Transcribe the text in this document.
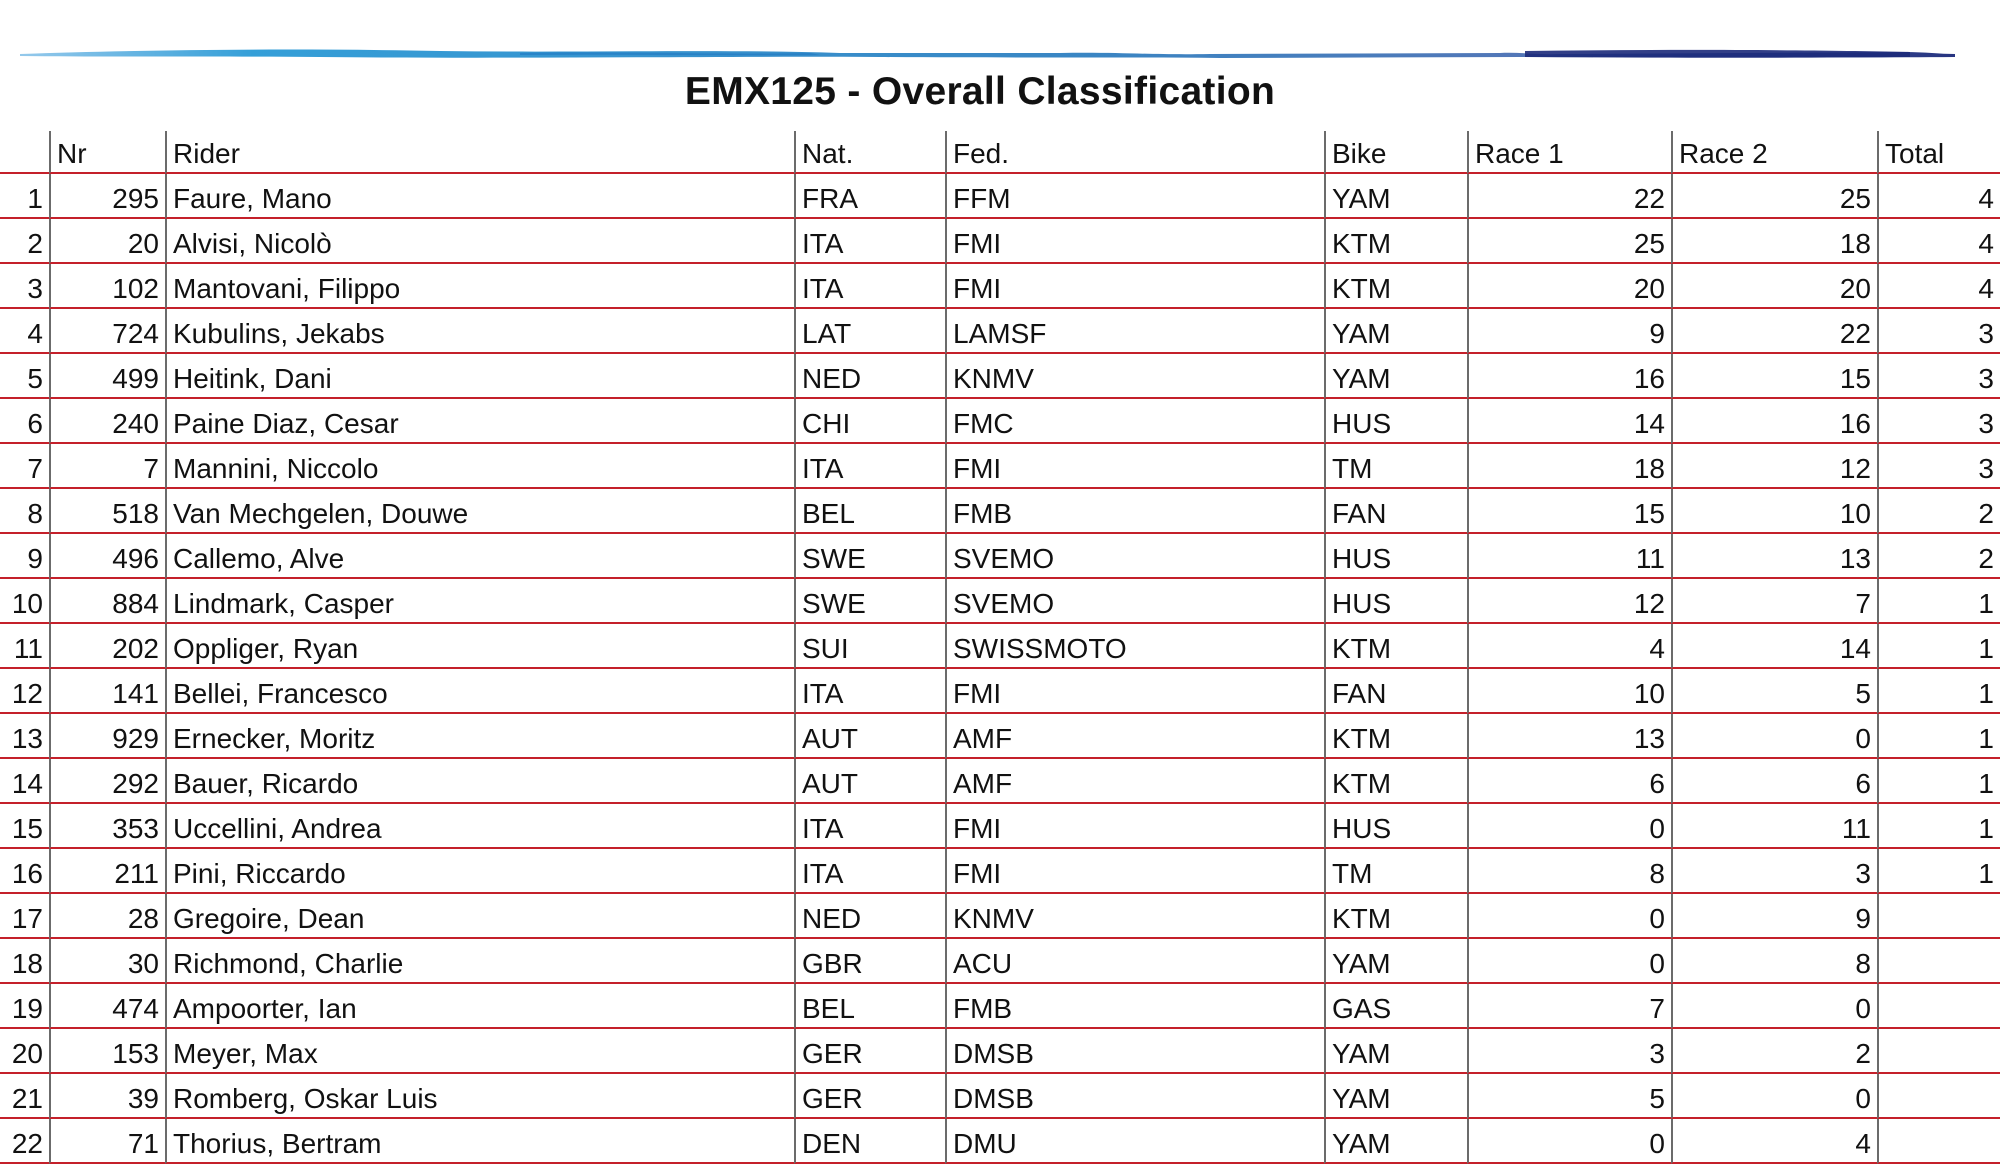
EMX125 - Overall Classification
	Nr	Rider	Nat.	Fed.	Bike	Race 1	Race 2	Total
1	295	Faure, Mano	FRA	FFM	YAM	22	25	4
2	20	Alvisi, Nicolò	ITA	FMI	KTM	25	18	4
3	102	Mantovani, Filippo	ITA	FMI	KTM	20	20	4
4	724	Kubulins, Jekabs	LAT	LAMSF	YAM	9	22	3
5	499	Heitink, Dani	NED	KNMV	YAM	16	15	3
6	240	Paine Diaz, Cesar	CHI	FMC	HUS	14	16	3
7	7	Mannini, Niccolo	ITA	FMI	TM	18	12	3
8	518	Van Mechgelen, Douwe	BEL	FMB	FAN	15	10	2
9	496	Callemo, Alve	SWE	SVEMO	HUS	11	13	2
10	884	Lindmark, Casper	SWE	SVEMO	HUS	12	7	1
11	202	Oppliger, Ryan	SUI	SWISSMOTO	KTM	4	14	1
12	141	Bellei, Francesco	ITA	FMI	FAN	10	5	1
13	929	Ernecker, Moritz	AUT	AMF	KTM	13	0	1
14	292	Bauer, Ricardo	AUT	AMF	KTM	6	6	1
15	353	Uccellini, Andrea	ITA	FMI	HUS	0	11	1
16	211	Pini, Riccardo	ITA	FMI	TM	8	3	1
17	28	Gregoire, Dean	NED	KNMV	KTM	0	9	
18	30	Richmond, Charlie	GBR	ACU	YAM	0	8	
19	474	Ampoorter, Ian	BEL	FMB	GAS	7	0	
20	153	Meyer, Max	GER	DMSB	YAM	3	2	
21	39	Romberg, Oskar Luis	GER	DMSB	YAM	5	0	
22	71	Thorius, Bertram	DEN	DMU	YAM	0	4	
